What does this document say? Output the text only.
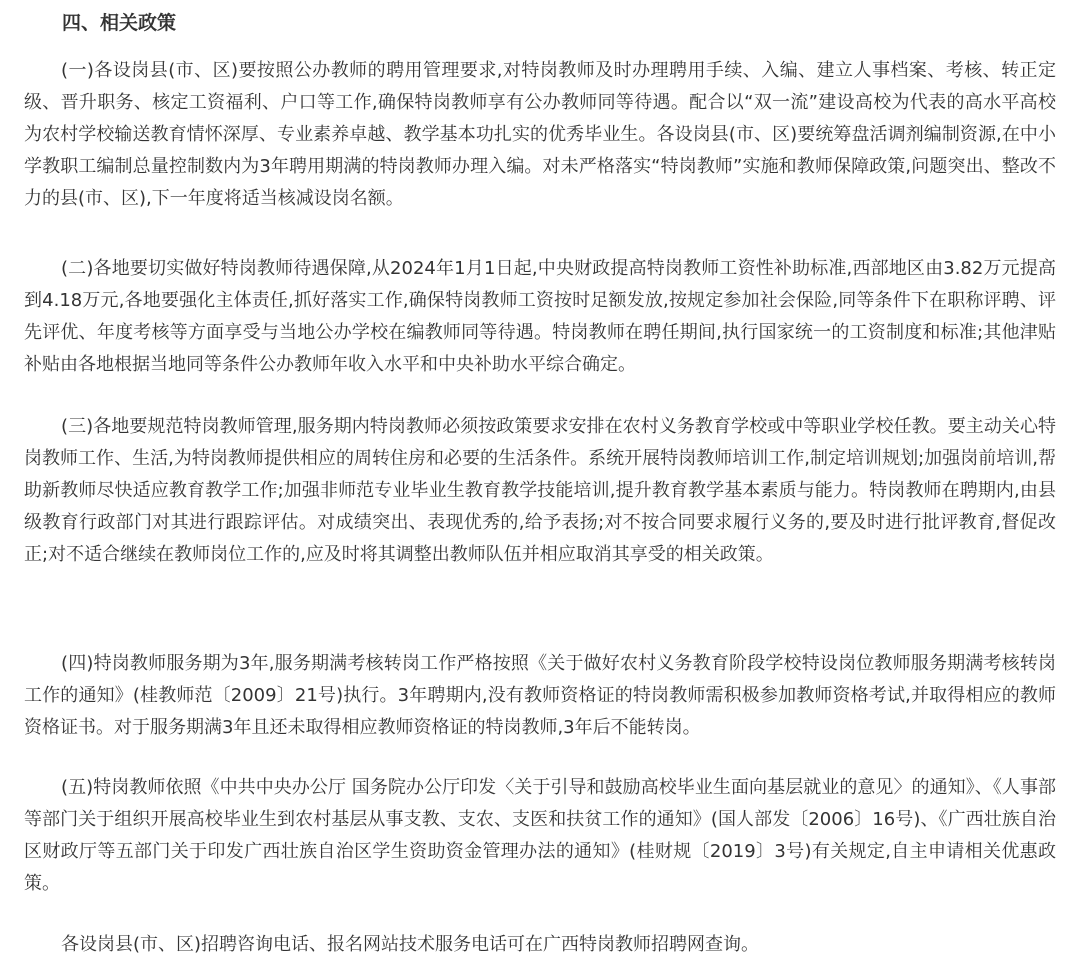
四、相关政策

(一)各设岗县(市、区)要按照公办教师的聘用管理要求,对特岗教师及时办理聘用手续、入编、建立人事档案、考核、转正定级、晋升职务、核定工资福利、户口等工作,确保特岗教师享有公办教师同等待遇。配合以“双一流”建设高校为代表的高水平高校为农村学校输送教育情怀深厚、专业素养卓越、教学基本功扎实的优秀毕业生。各设岗县(市、区)要统筹盘活调剂编制资源,在中小学教职工编制总量控制数内为3年聘用期满的特岗教师办理入编。对未严格落实“特岗教师”实施和教师保障政策,问题突出、整改不力的县(市、区),下一年度将适当核减设岗名额。

(二)各地要切实做好特岗教师待遇保障,从2024年1月1日起,中央财政提高特岗教师工资性补助标准,西部地区由3.82万元提高到4.18万元,各地要强化主体责任,抓好落实工作,确保特岗教师工资按时足额发放,按规定参加社会保险,同等条件下在职称评聘、评先评优、年度考核等方面享受与当地公办学校在编教师同等待遇。特岗教师在聘任期间,执行国家统一的工资制度和标准;其他津贴补贴由各地根据当地同等条件公办教师年收入水平和中央补助水平综合确定。

(三)各地要规范特岗教师管理,服务期内特岗教师必须按政策要求安排在农村义务教育学校或中等职业学校任教。要主动关心特岗教师工作、生活,为特岗教师提供相应的周转住房和必要的生活条件。系统开展特岗教师培训工作,制定培训规划;加强岗前培训,帮助新教师尽快适应教育教学工作;加强非师范专业毕业生教育教学技能培训,提升教育教学基本素质与能力。特岗教师在聘期内,由县级教育行政部门对其进行跟踪评估。对成绩突出、表现优秀的,给予表扬;对不按合同要求履行义务的,要及时进行批评教育,督促改正;对不适合继续在教师岗位工作的,应及时将其调整出教师队伍并相应取消其享受的相关政策。

(四)特岗教师服务期为3年,服务期满考核转岗工作严格按照《关于做好农村义务教育阶段学校特设岗位教师服务期满考核转岗工作的通知》(桂教师范〔2009〕21号)执行。3年聘期内,没有教师资格证的特岗教师需积极参加教师资格考试,并取得相应的教师资格证书。对于服务期满3年且还未取得相应教师资格证的特岗教师,3年后不能转岗。

(五)特岗教师依照《中共中央办公厅 国务院办公厅印发〈关于引导和鼓励高校毕业生面向基层就业的意见〉的通知》、《人事部等部门关于组织开展高校毕业生到农村基层从事支教、支农、支医和扶贫工作的通知》(国人部发〔2006〕16号)、《广西壮族自治区财政厅等五部门关于印发广西壮族自治区学生资助资金管理办法的通知》(桂财规〔2019〕3号)有关规定,自主申请相关优惠政策。

各设岗县(市、区)招聘咨询电话、报名网站技术服务电话可在广西特岗教师招聘网查询。
